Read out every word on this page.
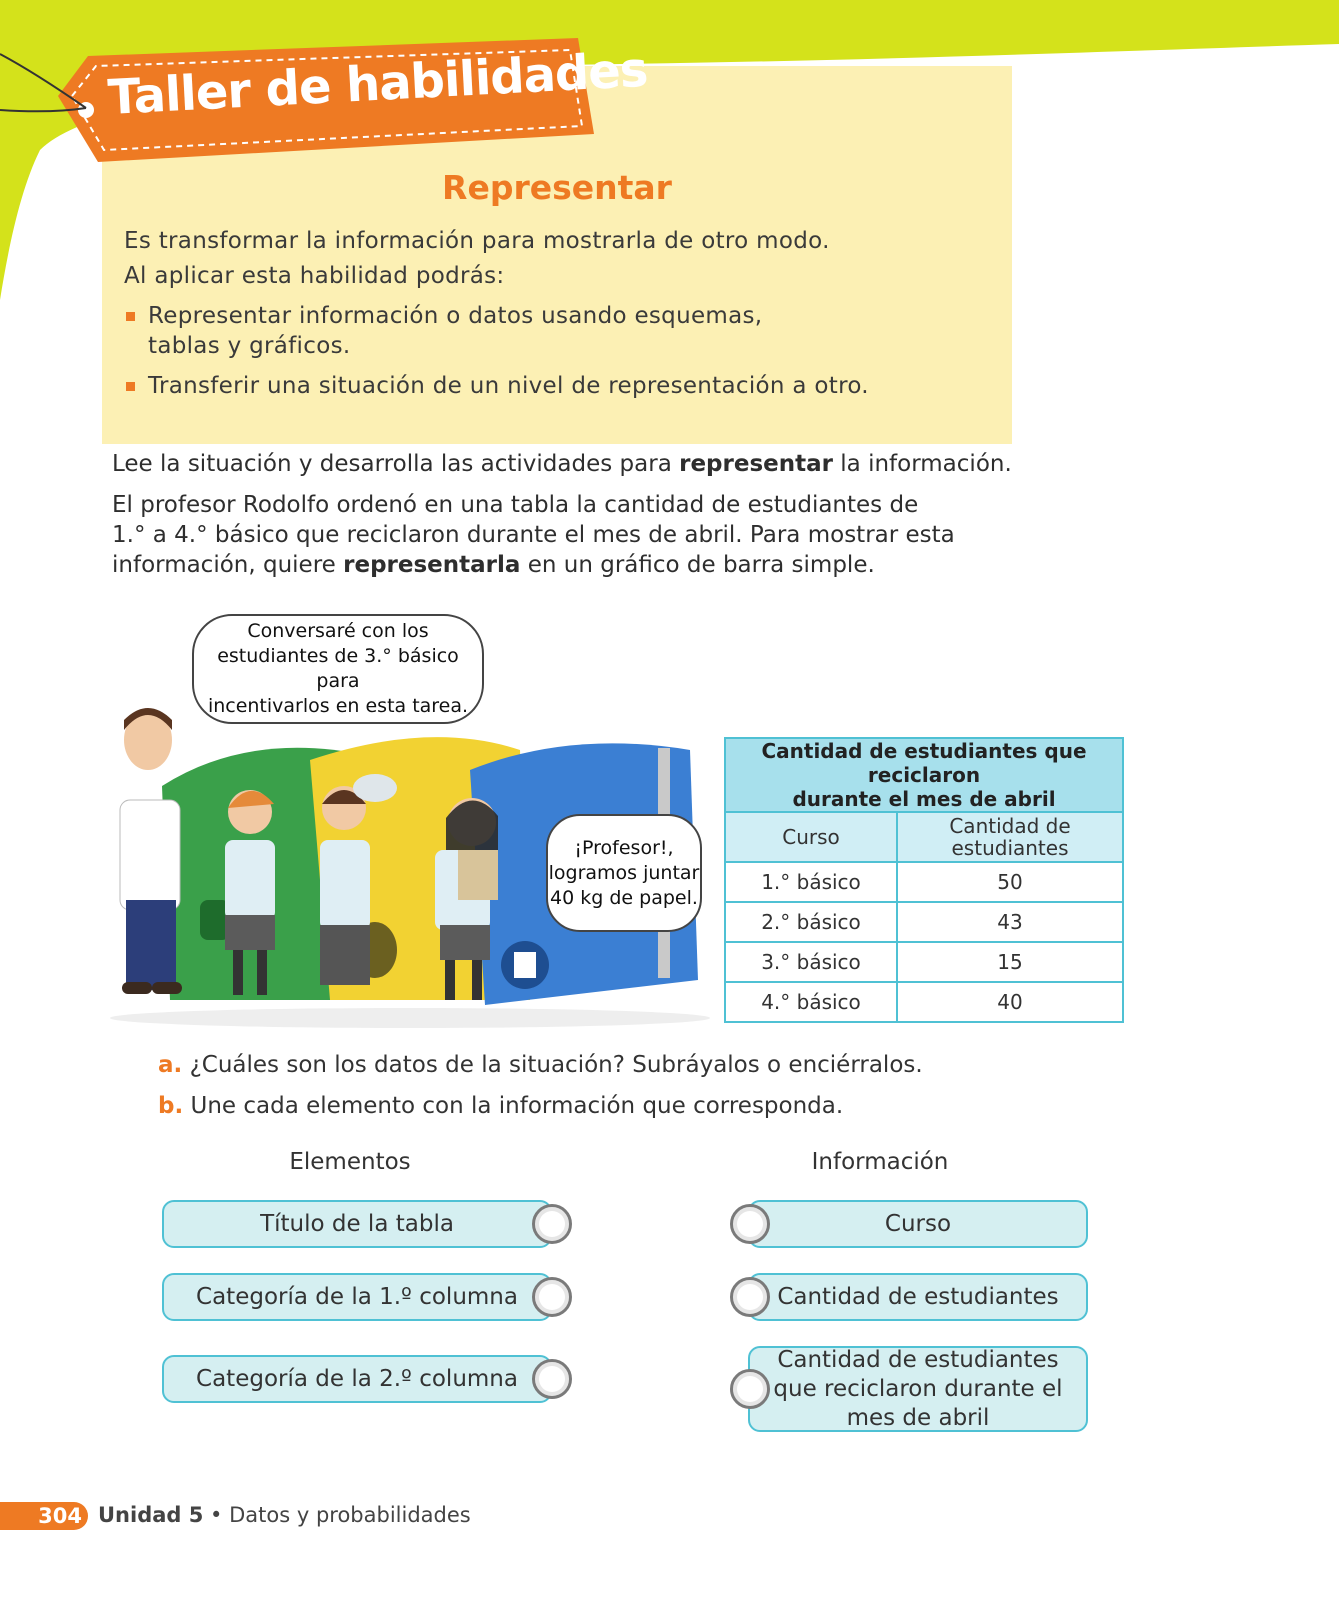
Taller de habilidades
Representar
Es transformar la información para mostrarla de otro modo.
Al aplicar esta habilidad podrás:
Representar información o datos usando esquemas,
tablas y gráficos.
Transferir una situación de un nivel de representación a otro.
Lee la situación y desarrolla las actividades para representar la información.
El profesor Rodolfo ordenó en una tabla la cantidad de estudiantes de
1.° a 4.° básico que reciclaron durante el mes de abril. Para mostrar esta
información, quiere representarla en un gráfico de barra simple.
Conversaré con los
estudiantes de 3.° básico para
incentivarlos en esta tarea.
¡Profesor!,
logramos juntar
40 kg de papel.
Cantidad de estudiantes que reciclaron
durante el mes de abril	

Curso	Cantidad de
estudiantes

1.° básico	50
2.° básico	43
3.° básico	15
4.° básico	40
a. ¿Cuáles son los datos de la situación? Subráyalos o enciérralos.
b. Une cada elemento con la información que corresponda.
Elementos	Información
Título de la tabla
Categoría de la 1.º columna
Categoría de la 2.º columna
Curso
Cantidad de estudiantes
Cantidad de estudiantes
que reciclaron durante el
mes de abril
304 Unidad 5 • Datos y probabilidades
